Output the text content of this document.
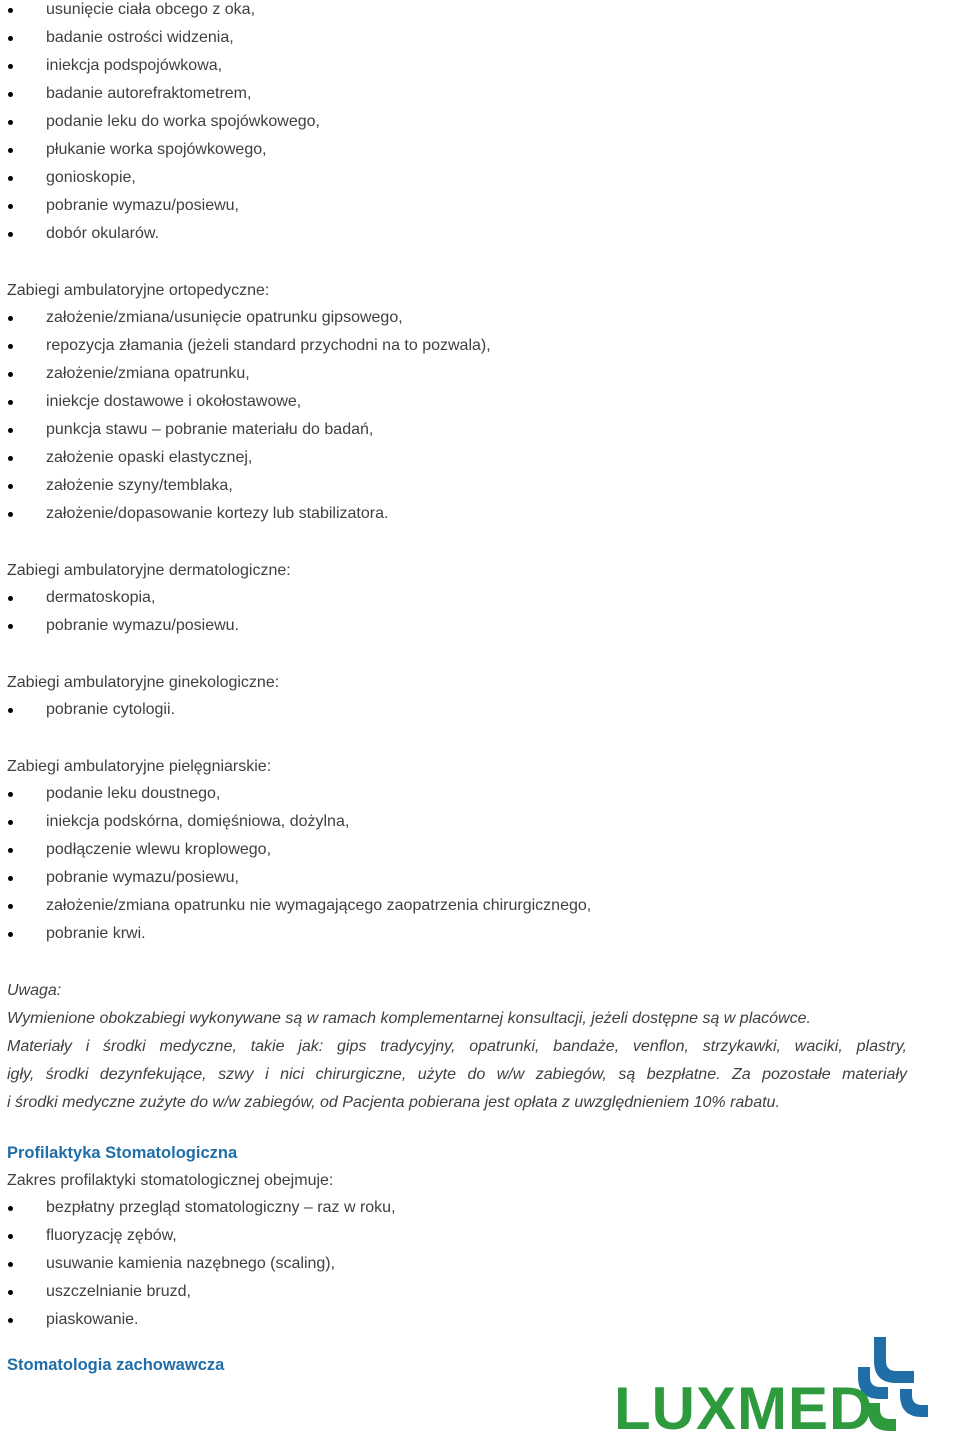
usunięcie ciała obcego z oka,
badanie ostrości widzenia,
iniekcja podspojówkowa,
badanie autorefraktometrem,
podanie leku do worka spojówkowego,
płukanie worka spojówkowego,
gonioskopie,
pobranie wymazu/posiewu,
dobór okularów.
Zabiegi ambulatoryjne ortopedyczne:
założenie/zmiana/usunięcie opatrunku gipsowego,
repozycja złamania (jeżeli standard przychodni na to pozwala),
założenie/zmiana opatrunku,
iniekcje dostawowe i okołostawowe,
punkcja stawu – pobranie materiału do badań,
założenie opaski elastycznej,
założenie szyny/temblaka,
założenie/dopasowanie kortezy lub stabilizatora.
Zabiegi ambulatoryjne dermatologiczne:
dermatoskopia,
pobranie wymazu/posiewu.
Zabiegi ambulatoryjne ginekologiczne:
pobranie cytologii.
Zabiegi ambulatoryjne pielęgniarskie:
podanie leku doustnego,
iniekcja podskórna, domięśniowa, dożylna,
podłączenie wlewu kroplowego,
pobranie wymazu/posiewu,
założenie/zmiana opatrunku nie wymagającego zaopatrzenia chirurgicznego,
pobranie krwi.
Uwaga:
Wymienione obokzabiegi wykonywane są w ramach komplementarnej konsultacji, jeżeli dostępne są w placówce.
Materiały i środki medyczne, takie jak: gips tradycyjny, opatrunki, bandaże, venflon, strzykawki, waciki, plastry,
igły, środki dezynfekujące, szwy i nici chirurgiczne, użyte do w/w zabiegów, są bezpłatne. Za pozostałe materiały
i środki medyczne zużyte do w/w zabiegów, od Pacjenta pobierana jest opłata z uwzględnieniem 10% rabatu.
Profilaktyka Stomatologiczna
Zakres profilaktyki stomatologicznej obejmuje:
bezpłatny przegląd stomatologiczny – raz w roku,
fluoryzację zębów,
usuwanie kamienia nazębnego (scaling),
uszczelnianie bruzd,
piaskowanie.
Stomatologia zachowawcza
LUXMED
